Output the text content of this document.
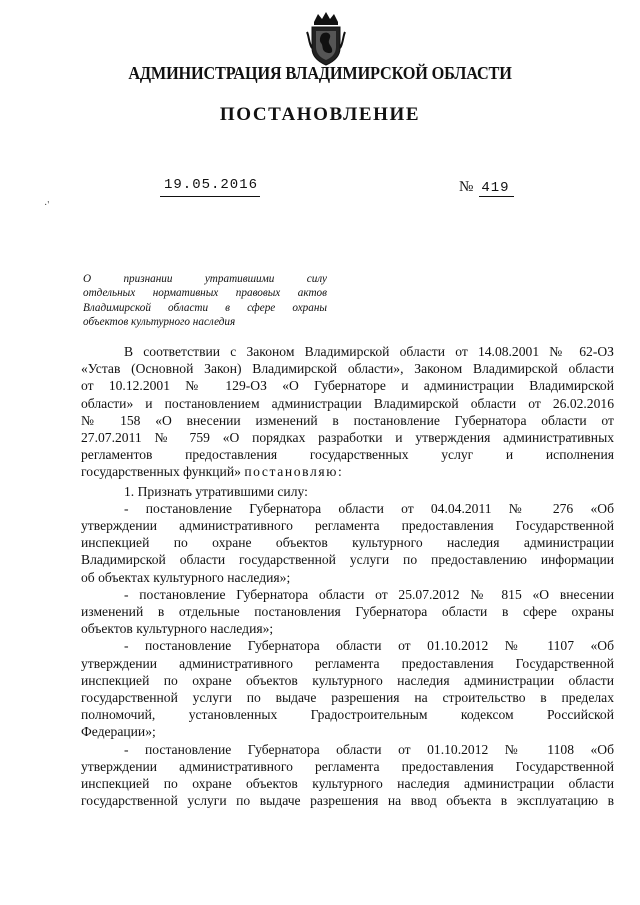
АДМИНИСТРАЦИЯ ВЛАДИМИРСКОЙ ОБЛАСТИ
ПОСТАНОВЛЕНИЕ
19.05.2016	№ 419
·'
О признании утратившими силу
отдельных нормативных правовых актов
Владимирской области в сфере охраны
объектов культурного наследия
В соответствии с Законом Владимирской области от 14.08.2001 № 62-ОЗ
«Устав (Основной Закон) Владимирской области», Законом Владимирской области
от 10.12.2001 № 129-ОЗ «О Губернаторе и администрации Владимирской
области» и постановлением администрации Владимирской области от 26.02.2016
№ 158 «О внесении изменений в постановление Губернатора области от
27.07.2011 № 759 «О порядках разработки и утверждения административных
регламентов предоставления государственных услуг и исполнения
государственных функций» постановляю:
1. Признать утратившими силу:
- постановление Губернатора области от 04.04.2011 № 276 «Об
утверждении административного регламента предоставления Государственной
инспекцией по охране объектов культурного наследия администрации
Владимирской области государственной услуги по предоставлению информации
об объектах культурного наследия»;
- постановление Губернатора области от 25.07.2012 № 815 «О внесении
изменений в отдельные постановления Губернатора области в сфере охраны
объектов культурного наследия»;
- постановление Губернатора области от 01.10.2012 № 1107 «Об
утверждении административного регламента предоставления Государственной
инспекцией по охране объектов культурного наследия администрации области
государственной услуги по выдаче разрешения на строительство в пределах
полномочий, установленных Градостроительным кодексом Российской
Федерации»;
- постановление Губернатора области от 01.10.2012 № 1108 «Об
утверждении административного регламента предоставления Государственной
инспекцией по охране объектов культурного наследия администрации области
государственной услуги по выдаче разрешения на ввод объекта в эксплуатацию в
